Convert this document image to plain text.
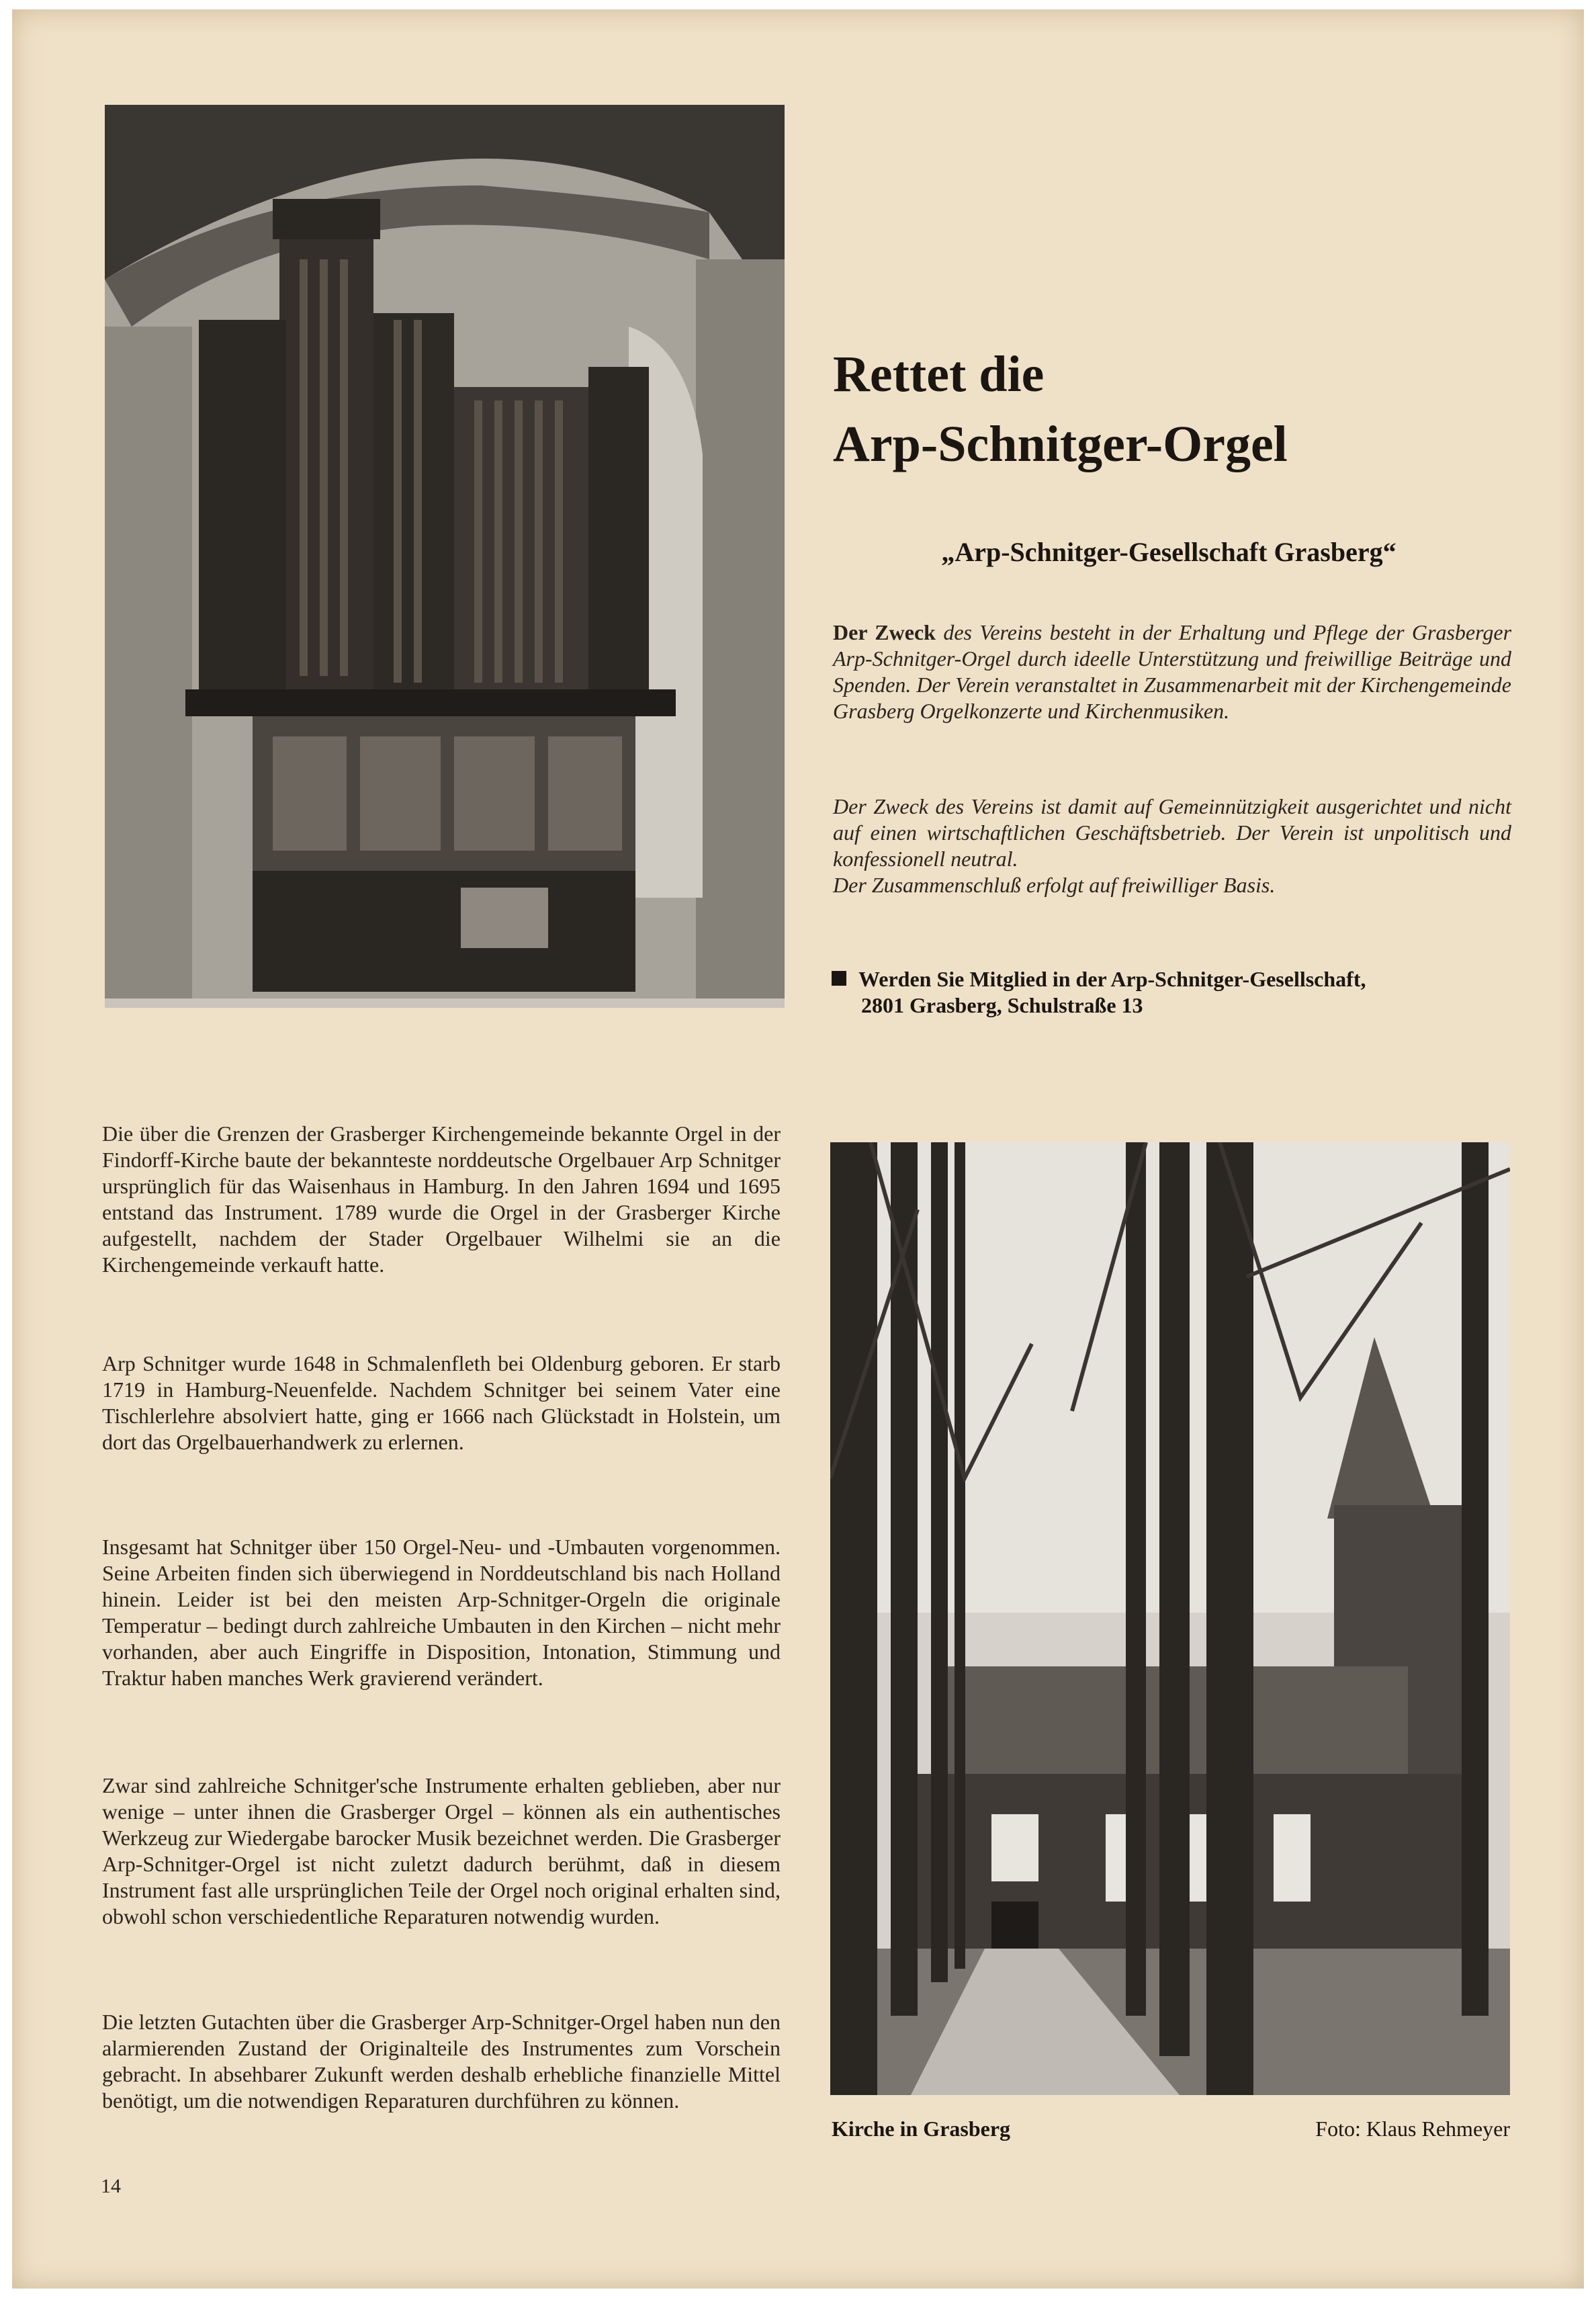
Rettet die
Arp-Schnitger-Orgel
„Arp-Schnitger-Gesellschaft Grasberg“
Der Zweck des Vereins besteht in der Erhaltung und Pflege der Grasberger Arp-Schnitger-Orgel durch ideelle Unterstützung und freiwillige Beiträge und Spenden. Der Verein veranstaltet in Zusammenarbeit mit der Kirchengemeinde Grasberg Orgelkonzerte und Kirchenmusiken.
Der Zweck des Vereins ist damit auf Gemeinnützigkeit ausgerichtet und nicht auf einen wirtschaftlichen Geschäftsbetrieb. Der Verein ist unpolitisch und konfessionell neutral.
Der Zusammenschluß erfolgt auf freiwilliger Basis.
Werden Sie Mitglied in der Arp-Schnitger-Gesellschaft,
2801 Grasberg, Schulstraße 13
Die über die Grenzen der Grasberger Kirchengemeinde bekannte Orgel in der Findorff-Kirche baute der bekannteste norddeutsche Orgelbauer Arp Schnitger ursprünglich für das Waisenhaus in Hamburg. In den Jahren 1694 und 1695 entstand das Instrument. 1789 wurde die Orgel in der Grasberger Kirche aufgestellt, nachdem der Stader Orgelbauer Wilhelmi sie an die Kirchengemeinde verkauft hatte.
Arp Schnitger wurde 1648 in Schmalenfleth bei Oldenburg geboren. Er starb 1719 in Hamburg-Neuenfelde. Nachdem Schnitger bei seinem Vater eine Tischlerlehre absolviert hatte, ging er 1666 nach Glückstadt in Holstein, um dort das Orgelbauerhandwerk zu erlernen.
Insgesamt hat Schnitger über 150 Orgel-Neu- und -Umbauten vorgenommen. Seine Arbeiten finden sich überwiegend in Norddeutschland bis nach Holland hinein. Leider ist bei den meisten Arp-Schnitger-Orgeln die originale Temperatur – bedingt durch zahlreiche Umbauten in den Kirchen – nicht mehr vorhanden, aber auch Eingriffe in Disposition, Intonation, Stimmung und Traktur haben manches Werk gravierend verändert.
Zwar sind zahlreiche Schnitger'sche Instrumente erhalten geblieben, aber nur wenige – unter ihnen die Grasberger Orgel – können als ein authentisches Werkzeug zur Wiedergabe barocker Musik bezeichnet werden. Die Grasberger Arp-Schnitger-Orgel ist nicht zuletzt dadurch berühmt, daß in diesem Instrument fast alle ursprünglichen Teile der Orgel noch original erhalten sind, obwohl schon verschiedentliche Reparaturen notwendig wurden.
Die letzten Gutachten über die Grasberger Arp-Schnitger-Orgel haben nun den alarmierenden Zustand der Originalteile des Instrumentes zum Vorschein gebracht. In absehbarer Zukunft werden deshalb erhebliche finanzielle Mittel benötigt, um die notwendigen Reparaturen durchführen zu können.
Kirche in Grasberg	Foto: Klaus Rehmeyer
14
